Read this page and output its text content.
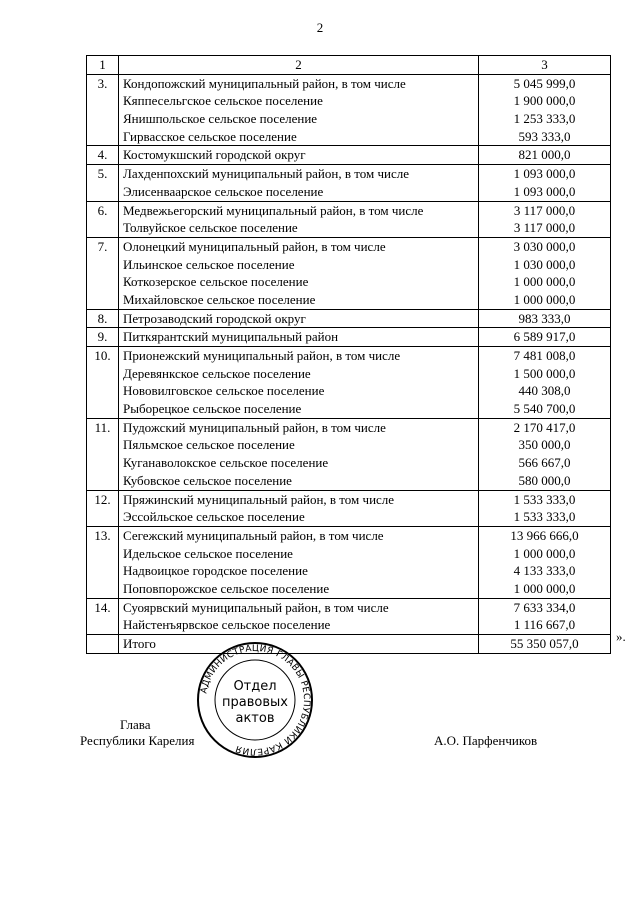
2
1	2	3
3.	Кондопожский муниципальный район, в том числе	5 045 999,0
	Кяппесельгское сельское поселение	1 900 000,0
	Янишпольское сельское поселение	1 253 333,0
	Гирвасское сельское поселение	593 333,0
4.	Костомукшский городской округ	821 000,0
5.	Лахденпохский муниципальный район, в том числе	1 093 000,0
	Элисенваарское сельское поселение	1 093 000,0
6.	Медвежьегорский муниципальный район, в том числе	3 117 000,0
	Толвуйское сельское поселение	3 117 000,0
7.	Олонецкий муниципальный район, в том числе	3 030 000,0
	Ильинское сельское поселение	1 030 000,0
	Коткозерское сельское поселение	1 000 000,0
	Михайловское сельское поселение	1 000 000,0
8.	Петрозаводский городской округ	983 333,0
9.	Питкярантский муниципальный район	6 589 917,0
10.	Прионежский муниципальный район, в том числе	7 481 008,0
	Деревянкское сельское поселение	1 500 000,0
	Нововилговское сельское поселение	440 308,0
	Рыборецкое сельское поселение	5 540 700,0
11.	Пудожский муниципальный район, в том числе	2 170 417,0
	Пяльмское сельское поселение	350 000,0
	Куганаволокское сельское поселение	566 667,0
	Кубовское сельское поселение	580 000,0
12.	Пряжинский муниципальный район, в том числе	1 533 333,0
	Эссойльское сельское поселение	1 533 333,0
13.	Сегежский муниципальный район, в том числе	13 966 666,0
	Идельское сельское поселение	1 000 000,0
	Надвоицкое городское поселение	4 133 333,0
	Поповпорожское сельское поселение	1 000 000,0
14.	Суоярвский муниципальный район, в том числе	7 633 334,0
	Найстенъярвское сельское поселение	1 116 667,0
	Итого	55 350 057,0	».
Глава
Республики Карелия	А.О. Парфенчиков
АДМИНИСТРАЦИЯ ГЛАВЫ РЕСПУБЛИКИ КАРЕЛИЯ
Отдел
правовых
актов
